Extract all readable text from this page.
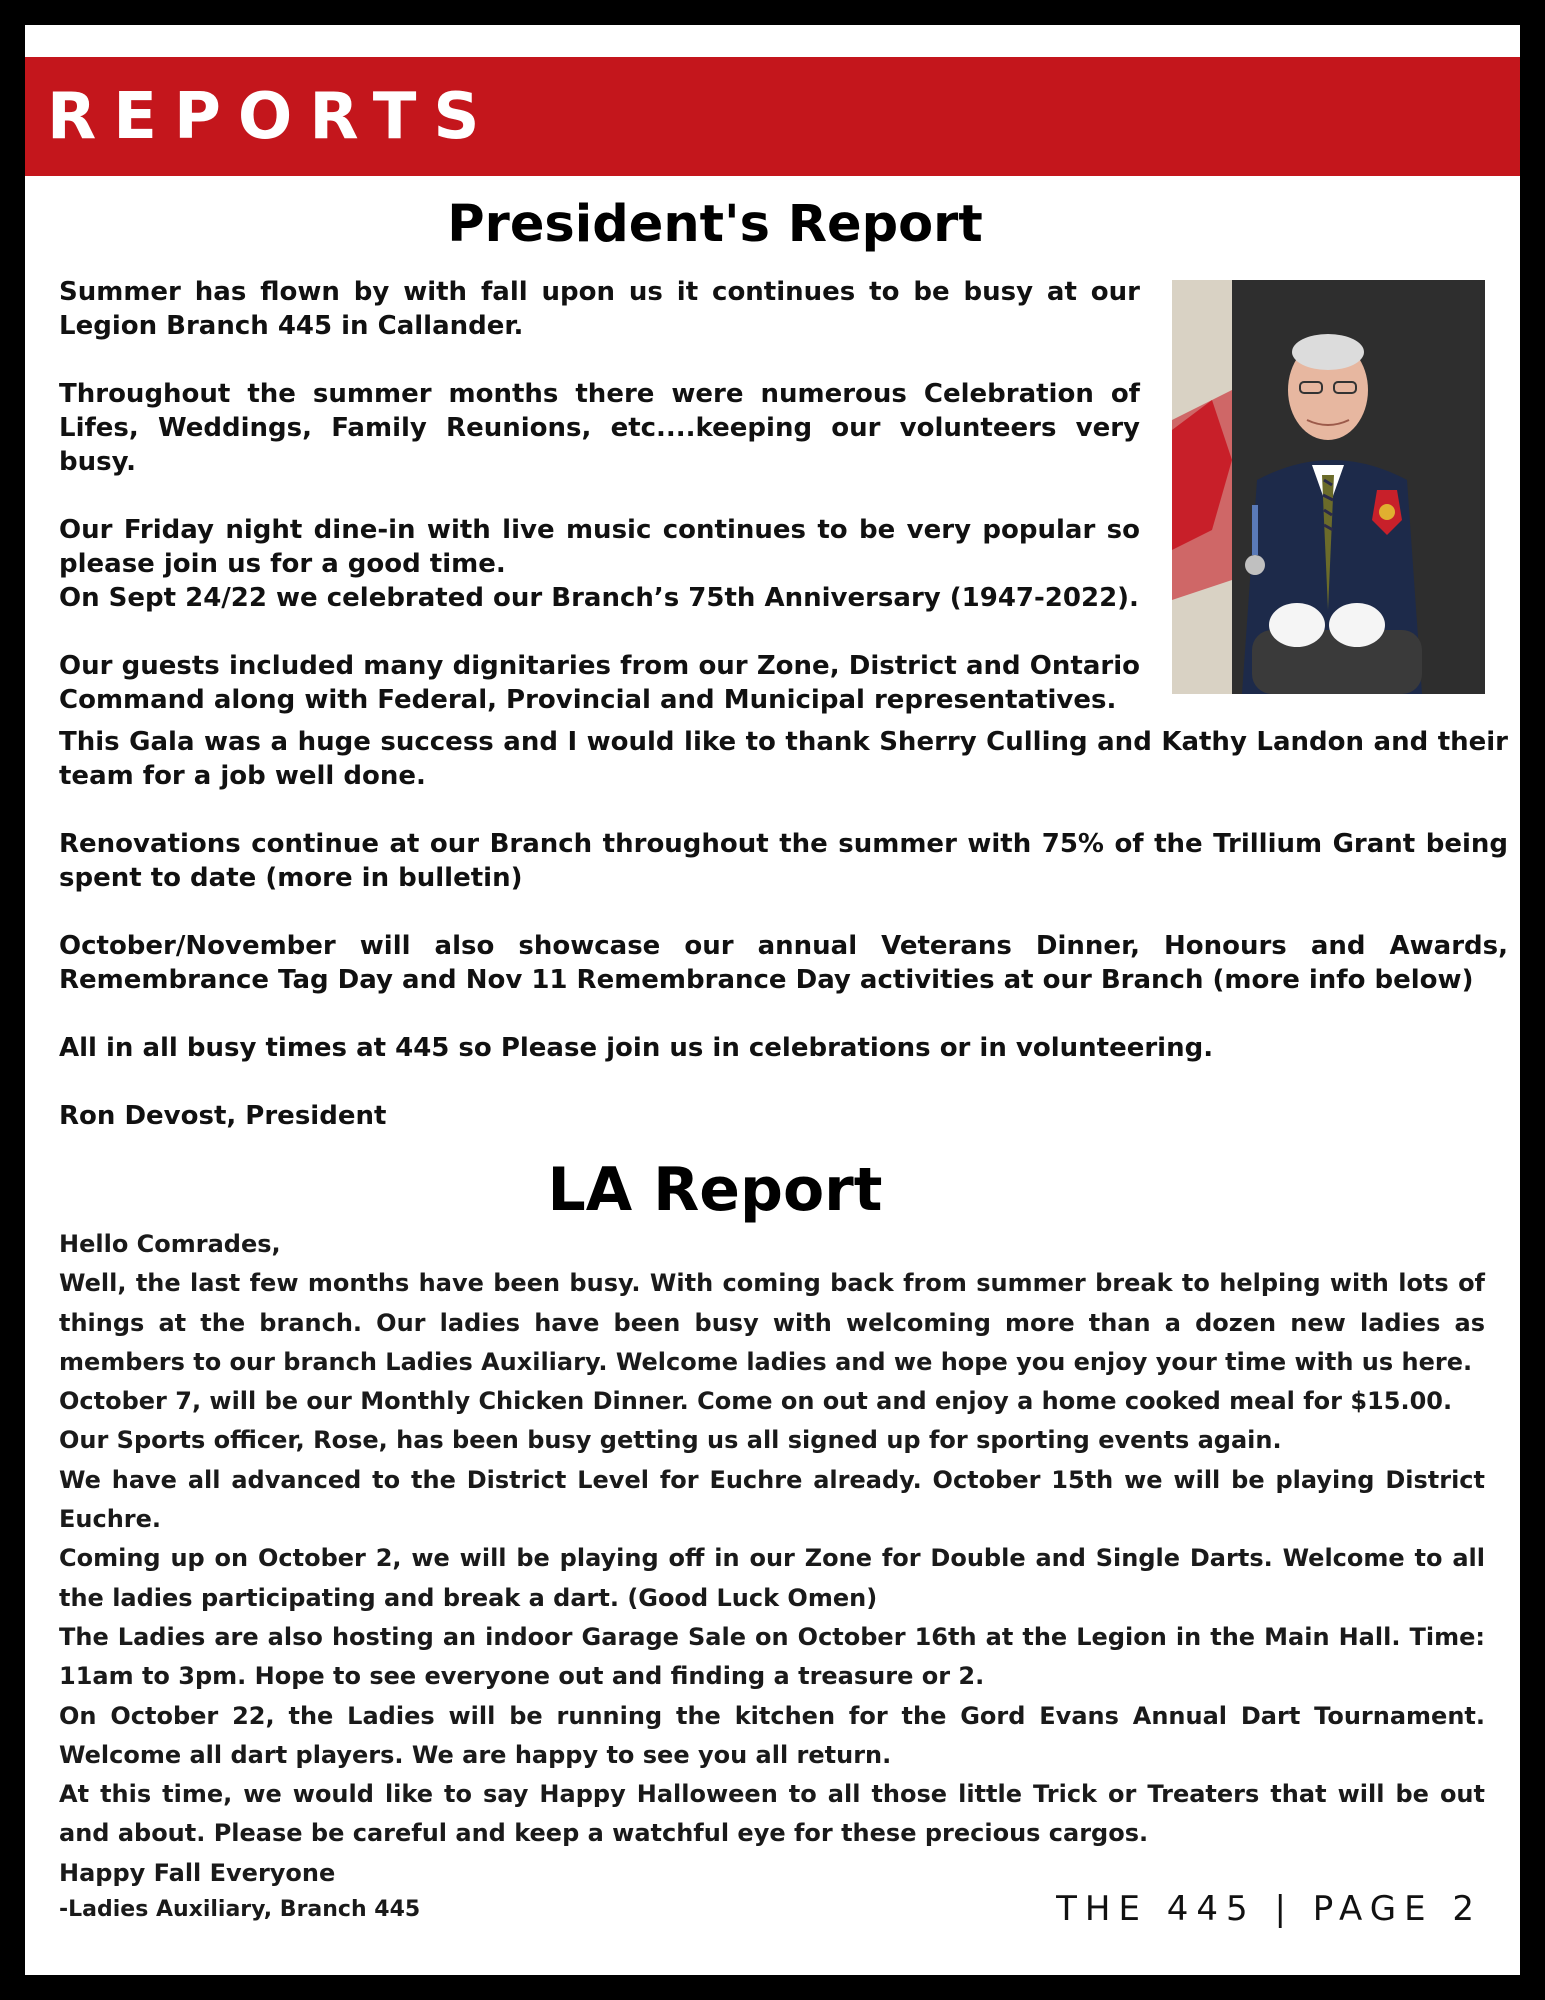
REPORTS
President's Report

Summer has flown by with fall upon us it continues to be busy at our Legion Branch 445 in Callander.

Throughout the summer months there were numerous Celebration of Lifes, Weddings, Family Reunions, etc....keeping our volunteers very busy.

Our Friday night dine-in with live music continues to be very popular so please join us for a good time.

On Sept 24/22 we celebrated our Branch’s 75th Anniversary (1947-2022).

Our guests included many dignitaries from our Zone, District and Ontario Command along with Federal, Provincial and Municipal representatives.

This Gala was a huge success and I would like to thank Sherry Culling and Kathy Landon and their team for a job well done.

Renovations continue at our Branch throughout the summer with 75% of the Trillium Grant being spent to date (more in bulletin)

October/November will also showcase our annual Veterans Dinner, Honours and Awards, Remembrance Tag Day and Nov 11 Remembrance Day activities at our Branch (more info below)

All in all busy times at 445 so Please join us in celebrations or in volunteering.

Ron Devost, President

LA Report

Hello Comrades,

Well, the last few months have been busy. With coming back from summer break to helping with lots of things at the branch. Our ladies have been busy with welcoming more than a dozen new ladies as members to our branch Ladies Auxiliary. Welcome ladies and we hope you enjoy your time with us here.

October 7, will be our Monthly Chicken Dinner. Come on out and enjoy a home cooked meal for $15.00.

Our Sports officer, Rose, has been busy getting us all signed up for sporting events again.

We have all advanced to the District Level for Euchre already. October 15th we will be playing District Euchre.

Coming up on October 2, we will be playing off in our Zone for Double and Single Darts. Welcome to all the ladies participating and break a dart. (Good Luck Omen)

The Ladies are also hosting an indoor Garage Sale on October 16th at the Legion in the Main Hall. Time: 11am to 3pm. Hope to see everyone out and finding a treasure or 2.

On October 22, the Ladies will be running the kitchen for the Gord Evans Annual Dart Tournament. Welcome all dart players. We are happy to see you all return.

At this time, we would like to say Happy Halloween to all those little Trick or Treaters that will be out and about. Please be careful and keep a watchful eye for these precious cargos.

Happy Fall Everyone

-Ladies Auxiliary, Branch 445	THE 445 | PAGE 2
